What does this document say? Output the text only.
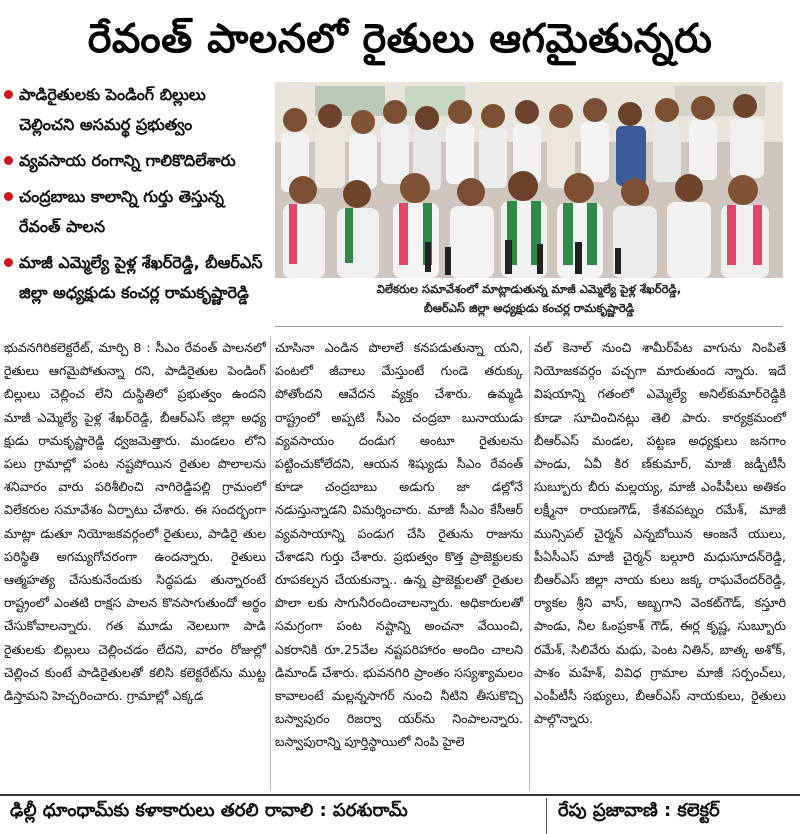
రేవంత్ పాలనలో రైతులు ఆగమైతున్నరు
పాడిరైతులకు పెండింగ్ బిల్లులు చెల్లించని అసమర్థ ప్రభుత్వం
వ్యవసాయ రంగాన్ని గాలికొదిలేశారు
చంద్రబాబు కాలాన్ని గుర్తు తెస్తున్న రేవంత్ పాలన
మాజీ ఎమ్మెల్యే పైళ్ల శేఖర్‌రెడ్డి, బీఆర్ఎస్ జిల్లా అధ్యక్షుడు కంచర్ల రామకృష్ణారెడ్డి	విలేకరుల సమావేశంలో మాట్లాడుతున్న మాజీ ఎమ్మెల్యే పైళ్ల శేఖర్‌రెడ్డి,
బీఆర్ఎస్ జిల్లా అధ్యక్షుడు కంచర్ల రామకృష్ణారెడ్డి

భువనగిరికలెక్టరేట్, మార్చి 8 : సీఎం రేవంత్ పాలనలో రైతులు ఆగమైపోతున్నా రని, పాడిరైతుల పెండింగ్ బిల్లులు చెల్లించ లేని దుస్థితిలో ప్రభుత్వం ఉందని మాజీ ఎమ్మెల్యే పైళ్ల శేఖర్‌రెడ్డి, బీఆర్ఎస్ జిల్లా అధ్య క్షుడు రామకృష్ణారెడ్డి ధ్వజమెత్తారు. మండలం లోని పలు గ్రామాల్లో పంట నష్టపోయిన రైతుల పొలాలను శనివారం వారు పరిశీలించి నాగిరెడ్డిపల్లి గ్రామంలో విలేకరుల సమావేశం ఏర్పాటు చేశారు. ఈ సందర్భంగా మాట్లా డుతూ నియోజకవర్గంలో రైతులు, పాడిరై తుల పరిస్థితి అగమ్యగోచరంగా ఉందన్నారు. రైతులు ఆత్మహత్య చేసుకునేందుకు సిద్ధపడు తున్నారంటే రాష్ట్రంలో ఎంతటి రాక్షస పాలన కొనసాగుతుందో అర్థం చేసుకోవాలన్నారు. గత మూడు నెలలుగా పాడి రైతులకు బిల్లులు చెల్లించడం లేదని, వారం రోజుల్లో చెల్లించ కుంటే పాడిరైతులతో కలిసి కలెక్టరేట్‌ను ముట్ట డిస్తామని హెచ్చరించారు. గ్రామాల్లో ఎక్కడ

చూసినా ఎండిన పొలాలే కనపడుతున్నా యని, పంటలో జీవాలు మేస్తుంటే గుండె తరుక్కు పోతోందని ఆవేదన వ్యక్తం చేశారు. ఉమ్మడి రాష్ట్రంలో అప్పటి సీఎం చంద్రబా బునాయుడు వ్యవసాయం దండుగ అంటూ రైతులను పట్టించుకోలేదని, ఆయన శిష్యుడు సీఎం రేవంత్ కూడా చంద్రబాబు అడుగు జా డల్లోనే నడుస్తున్నాడని విమర్శించారు. మాజీ సీఎం కేసీఆర్ వ్యవసాయాన్ని పండుగ చేసి రైతును రాజును చేశాడని గుర్తు చేశారు. ప్రభుత్వం కొత్త ప్రాజెక్టులకు రూపకల్పన చేయకున్నా.. ఉన్న ప్రాజెక్టులతో రైతుల పొలా లకు సాగునీరందించాలన్నారు. అధికారులతో సమగ్రంగా పంట నష్టాన్ని అంచనా వేయించి, ఎకరానికి రూ.25వేల నష్టపరిహారం అందిం చాలని డిమాండ్ చేశారు. భువనగిరి ప్రాంతం సస్యశ్యామలం కావాలంటే మల్లన్నసాగర్ నుంచి నీటిని తీసుకొచ్చి బస్వాపురం రిజర్వా యర్‌ను నింపాలన్నారు. బస్వాపురాన్ని పూర్తిస్థాయిలో నింపి హైలె

వల్ కెనాల్ నుంచి శామీర్‌పేట వాగును నింపితే నియోజకవర్గం పచ్చగా మారుతుంద న్నారు. ఇదే విషయాన్ని గతంలో ఎమ్మెల్యే అనిల్‌కుమార్‌రెడ్డికి కూడా సూచించినట్లు తెలి పారు. కార్యక్రమంలో బీఆర్ఎస్ మండల, పట్టణ అధ్యక్షులు జనగాం పాండు, ఏవీ కిర ణ్‌కుమార్, మాజీ జడ్పీటీసీ సుబ్బూరు బీరు మల్లయ్య, మాజీ ఎంపీపీలు అతికం లక్ష్మీనా రాయణగౌడ్, కేశవపట్నం రమేశ్, మాజీ మున్సిపల్ చైర్మన్ ఎన్నబోయిన ఆంజనే యులు, పీఏసీఎస్ మాజీ చైర్మన్ బల్గూరి మధుసూదన్‌రెడ్డి, బీఆర్ఎస్ జిల్లా నాయ కులు జక్క రాఘవేందర్‌రెడ్డి, ర్యాకల శ్రీని వాస్, అబ్బగాని వెంకట్‌గౌడ్, కస్తూరి పాండు, నీల ఓంప్రకాశ్ గౌడ్, ఈర్ల కృష్ణ, సుబ్బూరు రమేశ్, సిలివేరు మధు, పెంట నితిన్, బాత్క అశోక్, పాశం మహేశ్, వివిధ గ్రామాల మాజీ సర్పంచ్‌లు, ఎంపీటీసీ సభ్యులు, బీఆర్ఎస్ నాయకులు, రైతులు పాల్గొన్నారు.

ఢిల్లీ ధూంధామ్‌కు కళాకారులు తరలి రావాలి : పరశురామ్	రేపు ప్రజావాణి : కలెక్టర్
